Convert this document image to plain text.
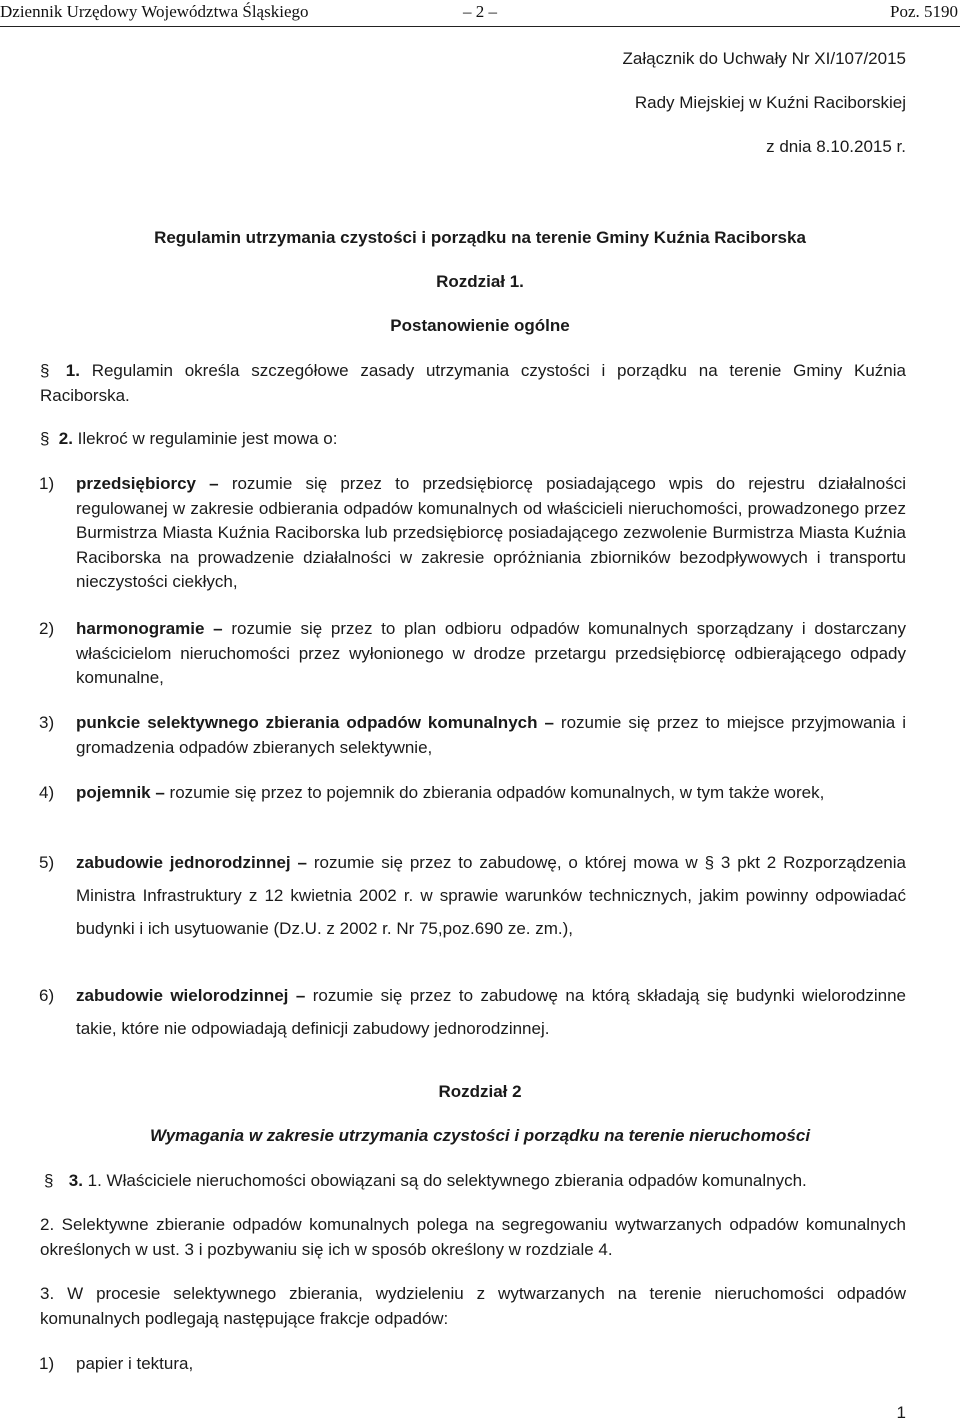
Dziennik Urzędowy Województwa Śląskiego	– 2 –	Poz. 5190
Załącznik do Uchwały Nr XI/107/2015
Rady Miejskiej w Kuźni Raciborskiej
z dnia 8.10.2015 r.
Regulamin utrzymania czystości i porządku na terenie Gminy Kuźnia Raciborska
Rozdział 1.
Postanowienie ogólne
§ 1. Regulamin określa szczegółowe zasady utrzymania czystości i porządku na terenie Gminy Kuźnia Raciborska.
§ 2. Ilekroć w regulaminie jest mowa o:
1) przedsiębiorcy – rozumie się przez to przedsiębiorcę posiadającego wpis do rejestru działalności regulowanej w zakresie odbierania odpadów komunalnych od właścicieli nieruchomości, prowadzonego przez Burmistrza Miasta Kuźnia Raciborska lub przedsiębiorcę posiadającego zezwolenie Burmistrza Miasta Kuźnia Raciborska na prowadzenie działalności w zakresie opróżniania zbiorników bezodpływowych i transportu nieczystości ciekłych,
2) harmonogramie – rozumie się przez to plan odbioru odpadów komunalnych sporządzany i dostarczany właścicielom nieruchomości przez wyłonionego w drodze przetargu przedsiębiorcę odbierającego odpady komunalne,
3) punkcie selektywnego zbierania odpadów komunalnych – rozumie się przez to miejsce przyjmowania i gromadzenia odpadów zbieranych selektywnie,
4) pojemnik – rozumie się przez to pojemnik do zbierania odpadów komunalnych, w tym także worek,
5) zabudowie jednorodzinnej – rozumie się przez to zabudowę, o której mowa w § 3 pkt 2 Rozporządzenia Ministra Infrastruktury z 12 kwietnia 2002 r. w sprawie warunków technicznych, jakim powinny odpowiadać budynki i ich usytuowanie (Dz.U. z 2002 r. Nr 75,poz.690 ze. zm.),
6) zabudowie wielorodzinnej – rozumie się przez to zabudowę na którą składają się budynki wielorodzinne takie, które nie odpowiadają definicji zabudowy jednorodzinnej.
Rozdział 2
Wymagania w zakresie utrzymania czystości i porządku na terenie nieruchomości
§ 3. 1. Właściciele nieruchomości obowiązani są do selektywnego zbierania odpadów komunalnych.
2. Selektywne zbieranie odpadów komunalnych polega na segregowaniu wytwarzanych odpadów komunalnych określonych w ust. 3 i pozbywaniu się ich w sposób określony w rozdziale 4.
3. W procesie selektywnego zbierania, wydzieleniu z wytwarzanych na terenie nieruchomości odpadów komunalnych podlegają następujące frakcje odpadów:
1) papier i tektura,
1
